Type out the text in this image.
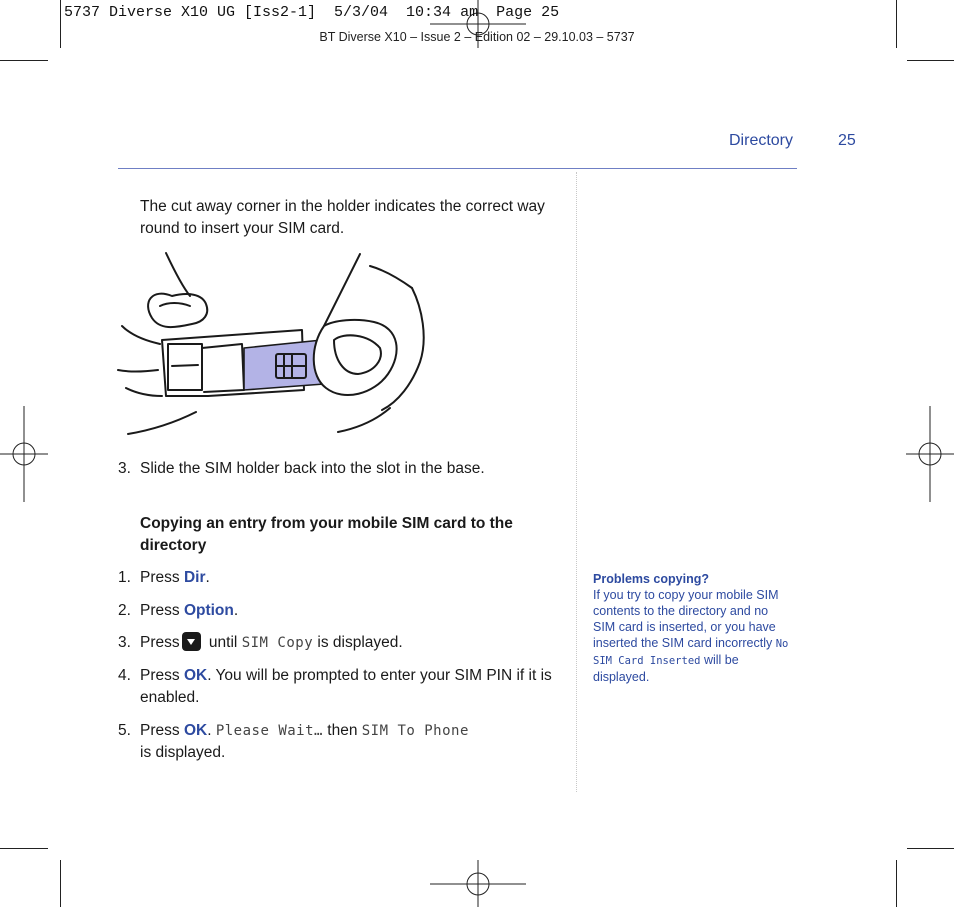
5737 Diverse X10 UG [Iss2-1]  5/3/04  10:34 am  Page 25
BT Diverse X10 – Issue 2 – Edition 02 – 29.10.03 – 5737
Directory	25
The cut away corner in the holder indicates the correct way round to insert your SIM card.
3. Slide the SIM holder back into the slot in the base.
Copying an entry from your mobile SIM card to the directory
1. Press Dir.
2. Press Option.
3. Press until SIM Copy is displayed.
4. Press OK. You will be prompted to enter your SIM PIN if it is enabled.
5. Press OK. Please Wait… then SIM To Phone
is displayed.
Problems copying?
If you try to copy your mobile SIM contents to the directory and no SIM card is inserted, or you have inserted the SIM card incorrectly No SIM Card Inserted will be displayed.
